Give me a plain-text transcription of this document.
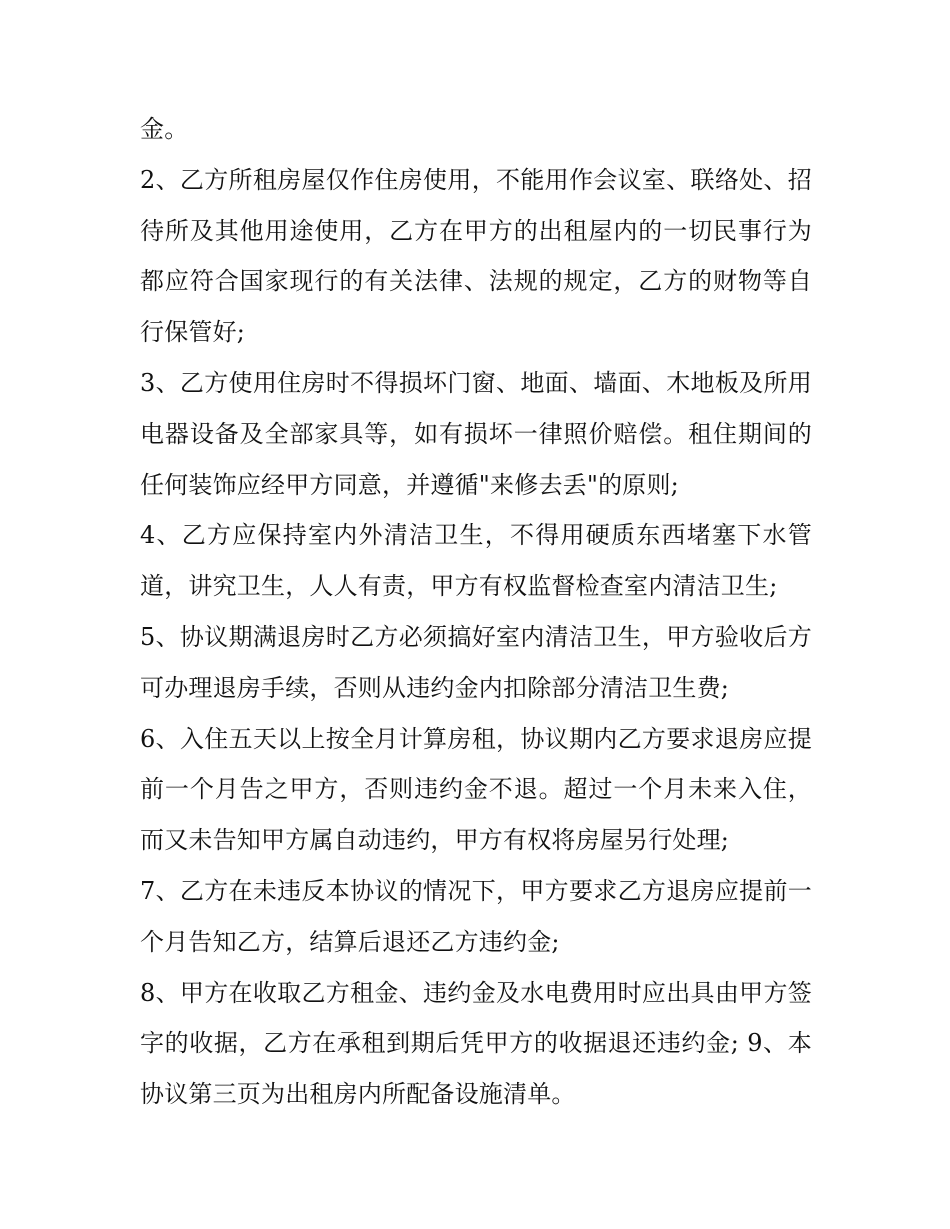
金。

2、乙方所租房屋仅作住房使用，不能用作会议室、联络处、招待所及其他用途使用，乙方在甲方的出租屋内的一切民事行为都应符合国家现行的有关法律、法规的规定，乙方的财物等自行保管好;

3、乙方使用住房时不得损坏门窗、地面、墙面、木地板及所用电器设备及全部家具等，如有损坏一律照价赔偿。租住期间的任何装饰应经甲方同意，并遵循"来修去丢"的原则;

4、乙方应保持室内外清洁卫生，不得用硬质东西堵塞下水管道，讲究卫生，人人有责，甲方有权监督检查室内清洁卫生;

5、协议期满退房时乙方必须搞好室内清洁卫生，甲方验收后方可办理退房手续，否则从违约金内扣除部分清洁卫生费;

6、入住五天以上按全月计算房租，协议期内乙方要求退房应提前一个月告之甲方，否则违约金不退。超过一个月未来入住，而又未告知甲方属自动违约，甲方有权将房屋另行处理;

7、乙方在未违反本协议的情况下，甲方要求乙方退房应提前一个月告知乙方，结算后退还乙方违约金;

8、甲方在收取乙方租金、违约金及水电费用时应出具由甲方签字的收据，乙方在承租到期后凭甲方的收据退还违约金; 9、本协议第三页为出租房内所配备设施清单。
